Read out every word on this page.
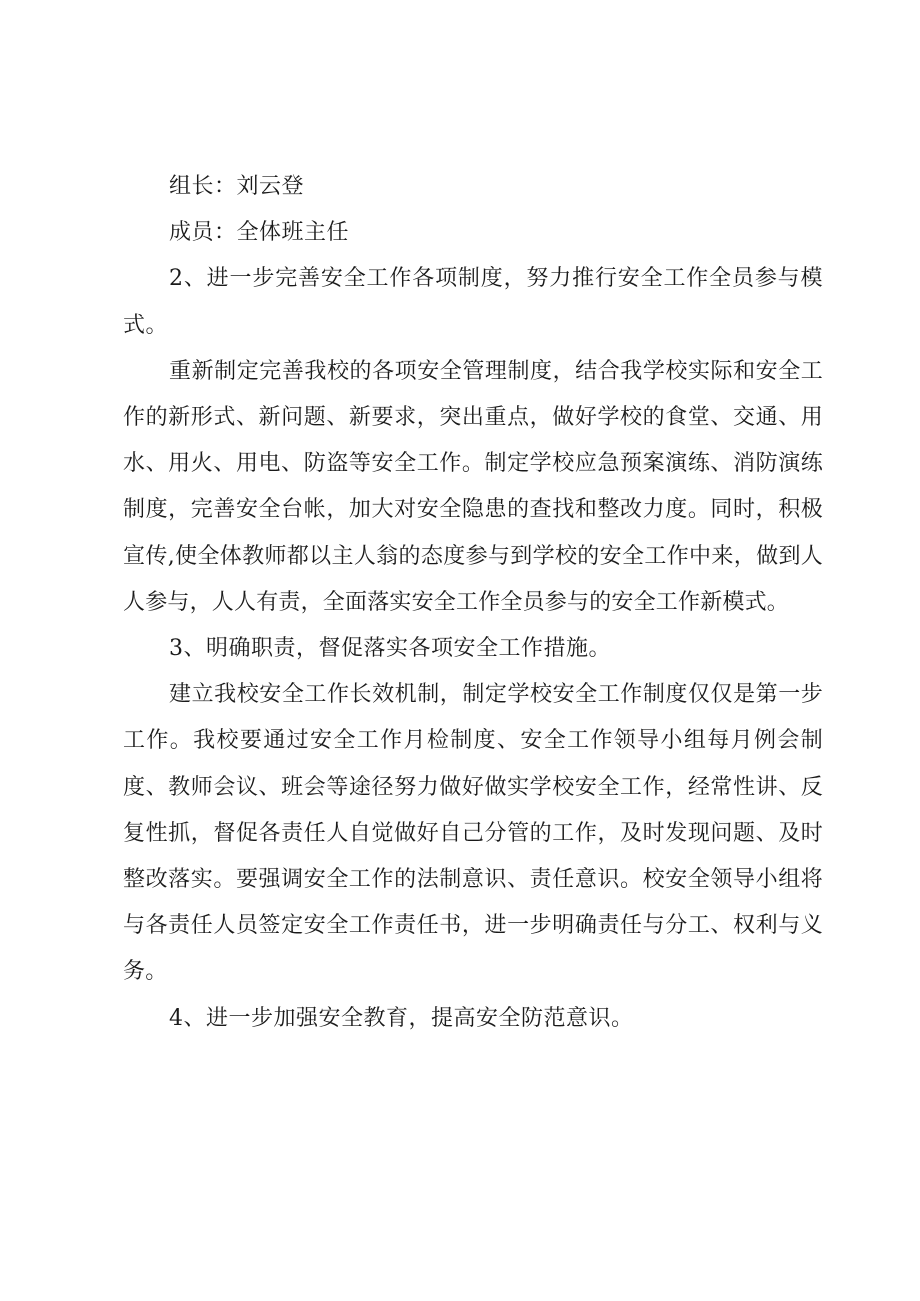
组长：刘云登

成员：全体班主任

2、进一步完善安全工作各项制度，努力推行安全工作全员参与模式。

重新制定完善我校的各项安全管理制度，结合我学校实际和安全工作的新形式、新问题、新要求，突出重点，做好学校的食堂、交通、用水、用火、用电、防盗等安全工作。制定学校应急预案演练、消防演练制度，完善安全台帐，加大对安全隐患的查找和整改力度。同时，积极宣传,使全体教师都以主人翁的态度参与到学校的安全工作中来，做到人人参与，人人有责，全面落实安全工作全员参与的安全工作新模式。

3、明确职责，督促落实各项安全工作措施。

建立我校安全工作长效机制，制定学校安全工作制度仅仅是第一步工作。我校要通过安全工作月检制度、安全工作领导小组每月例会制度、教师会议、班会等途径努力做好做实学校安全工作，经常性讲、反复性抓，督促各责任人自觉做好自己分管的工作，及时发现问题、及时整改落实。要强调安全工作的法制意识、责任意识。校安全领导小组将与各责任人员签定安全工作责任书，进一步明确责任与分工、权利与义务。

4、进一步加强安全教育，提高安全防范意识。
